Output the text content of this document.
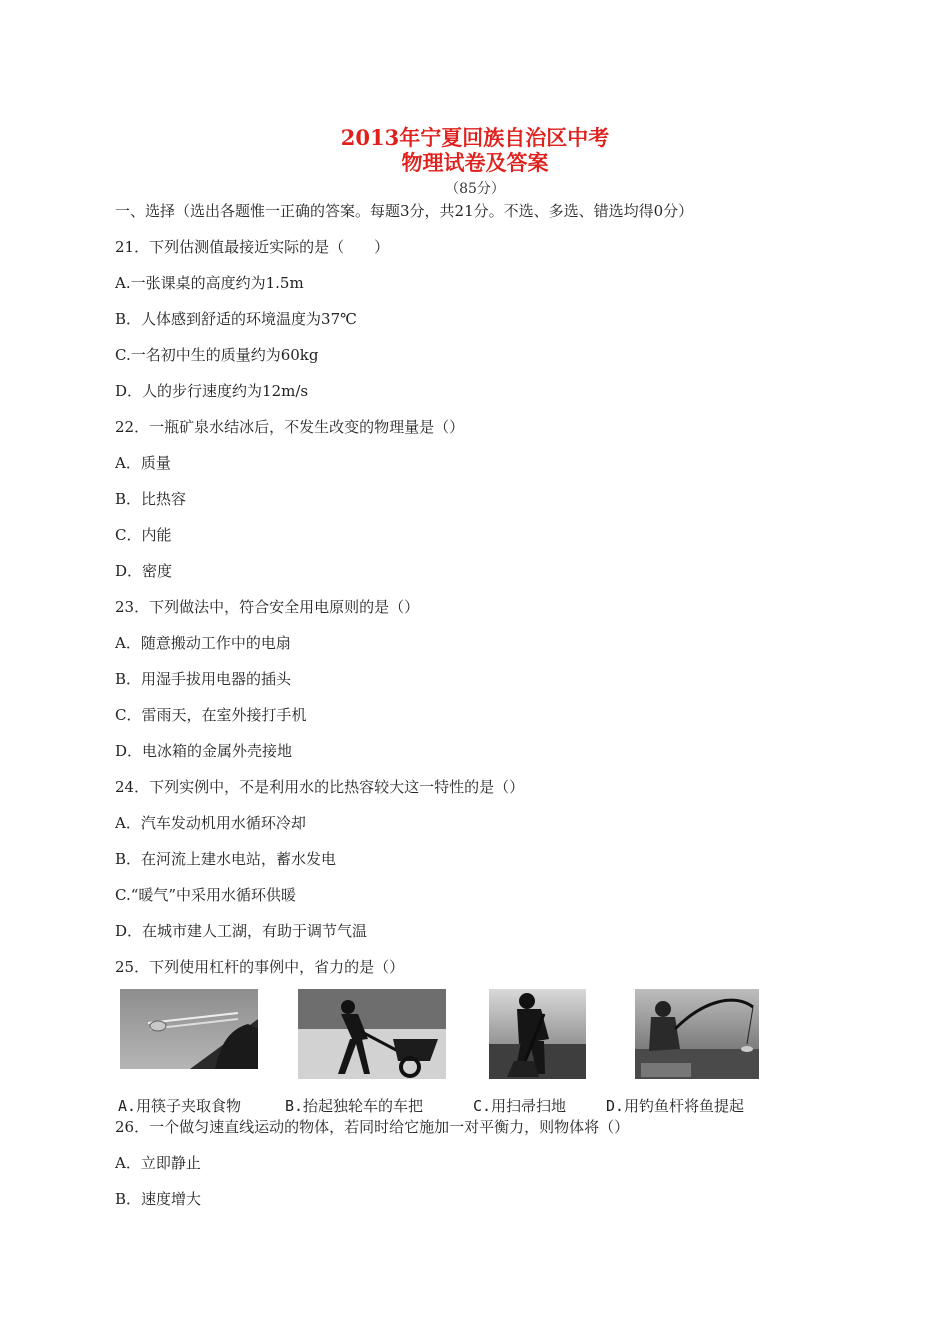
2013年宁夏回族自治区中考
物理试卷及答案
（85分）
一、选择（选出各题惟一正确的答案。每题3分，共21分。不选、多选、错选均得0分）
21．下列估测值最接近实际的是（　　）
A.一张课桌的高度约为1.5m
B．人体感到舒适的环境温度为37℃
C.一名初中生的质量约为60kg
D．人的步行速度约为12m/s
22．一瓶矿泉水结冰后，不发生改变的物理量是（）
A．质量
B．比热容
C．内能
D．密度
23．下列做法中，符合安全用电原则的是（）
A．随意搬动工作中的电扇
B．用湿手拔用电器的插头
C．雷雨天，在室外接打手机
D．电冰箱的金属外壳接地
24．下列实例中，不是利用水的比热容较大这一特性的是（）
A．汽车发动机用水循环冷却
B．在河流上建水电站，蓄水发电
C.“暖气”中采用水循环供暖
D．在城市建人工湖，有助于调节气温
25．下列使用杠杆的事例中，省力的是（）
A.用筷子夹取食物	B.抬起独轮车的车把	C.用扫帚扫地	D.用钓鱼杆将鱼提起
26．一个做匀速直线运动的物体，若同时给它施加一对平衡力，则物体将（）
A．立即静止
B．速度增大
